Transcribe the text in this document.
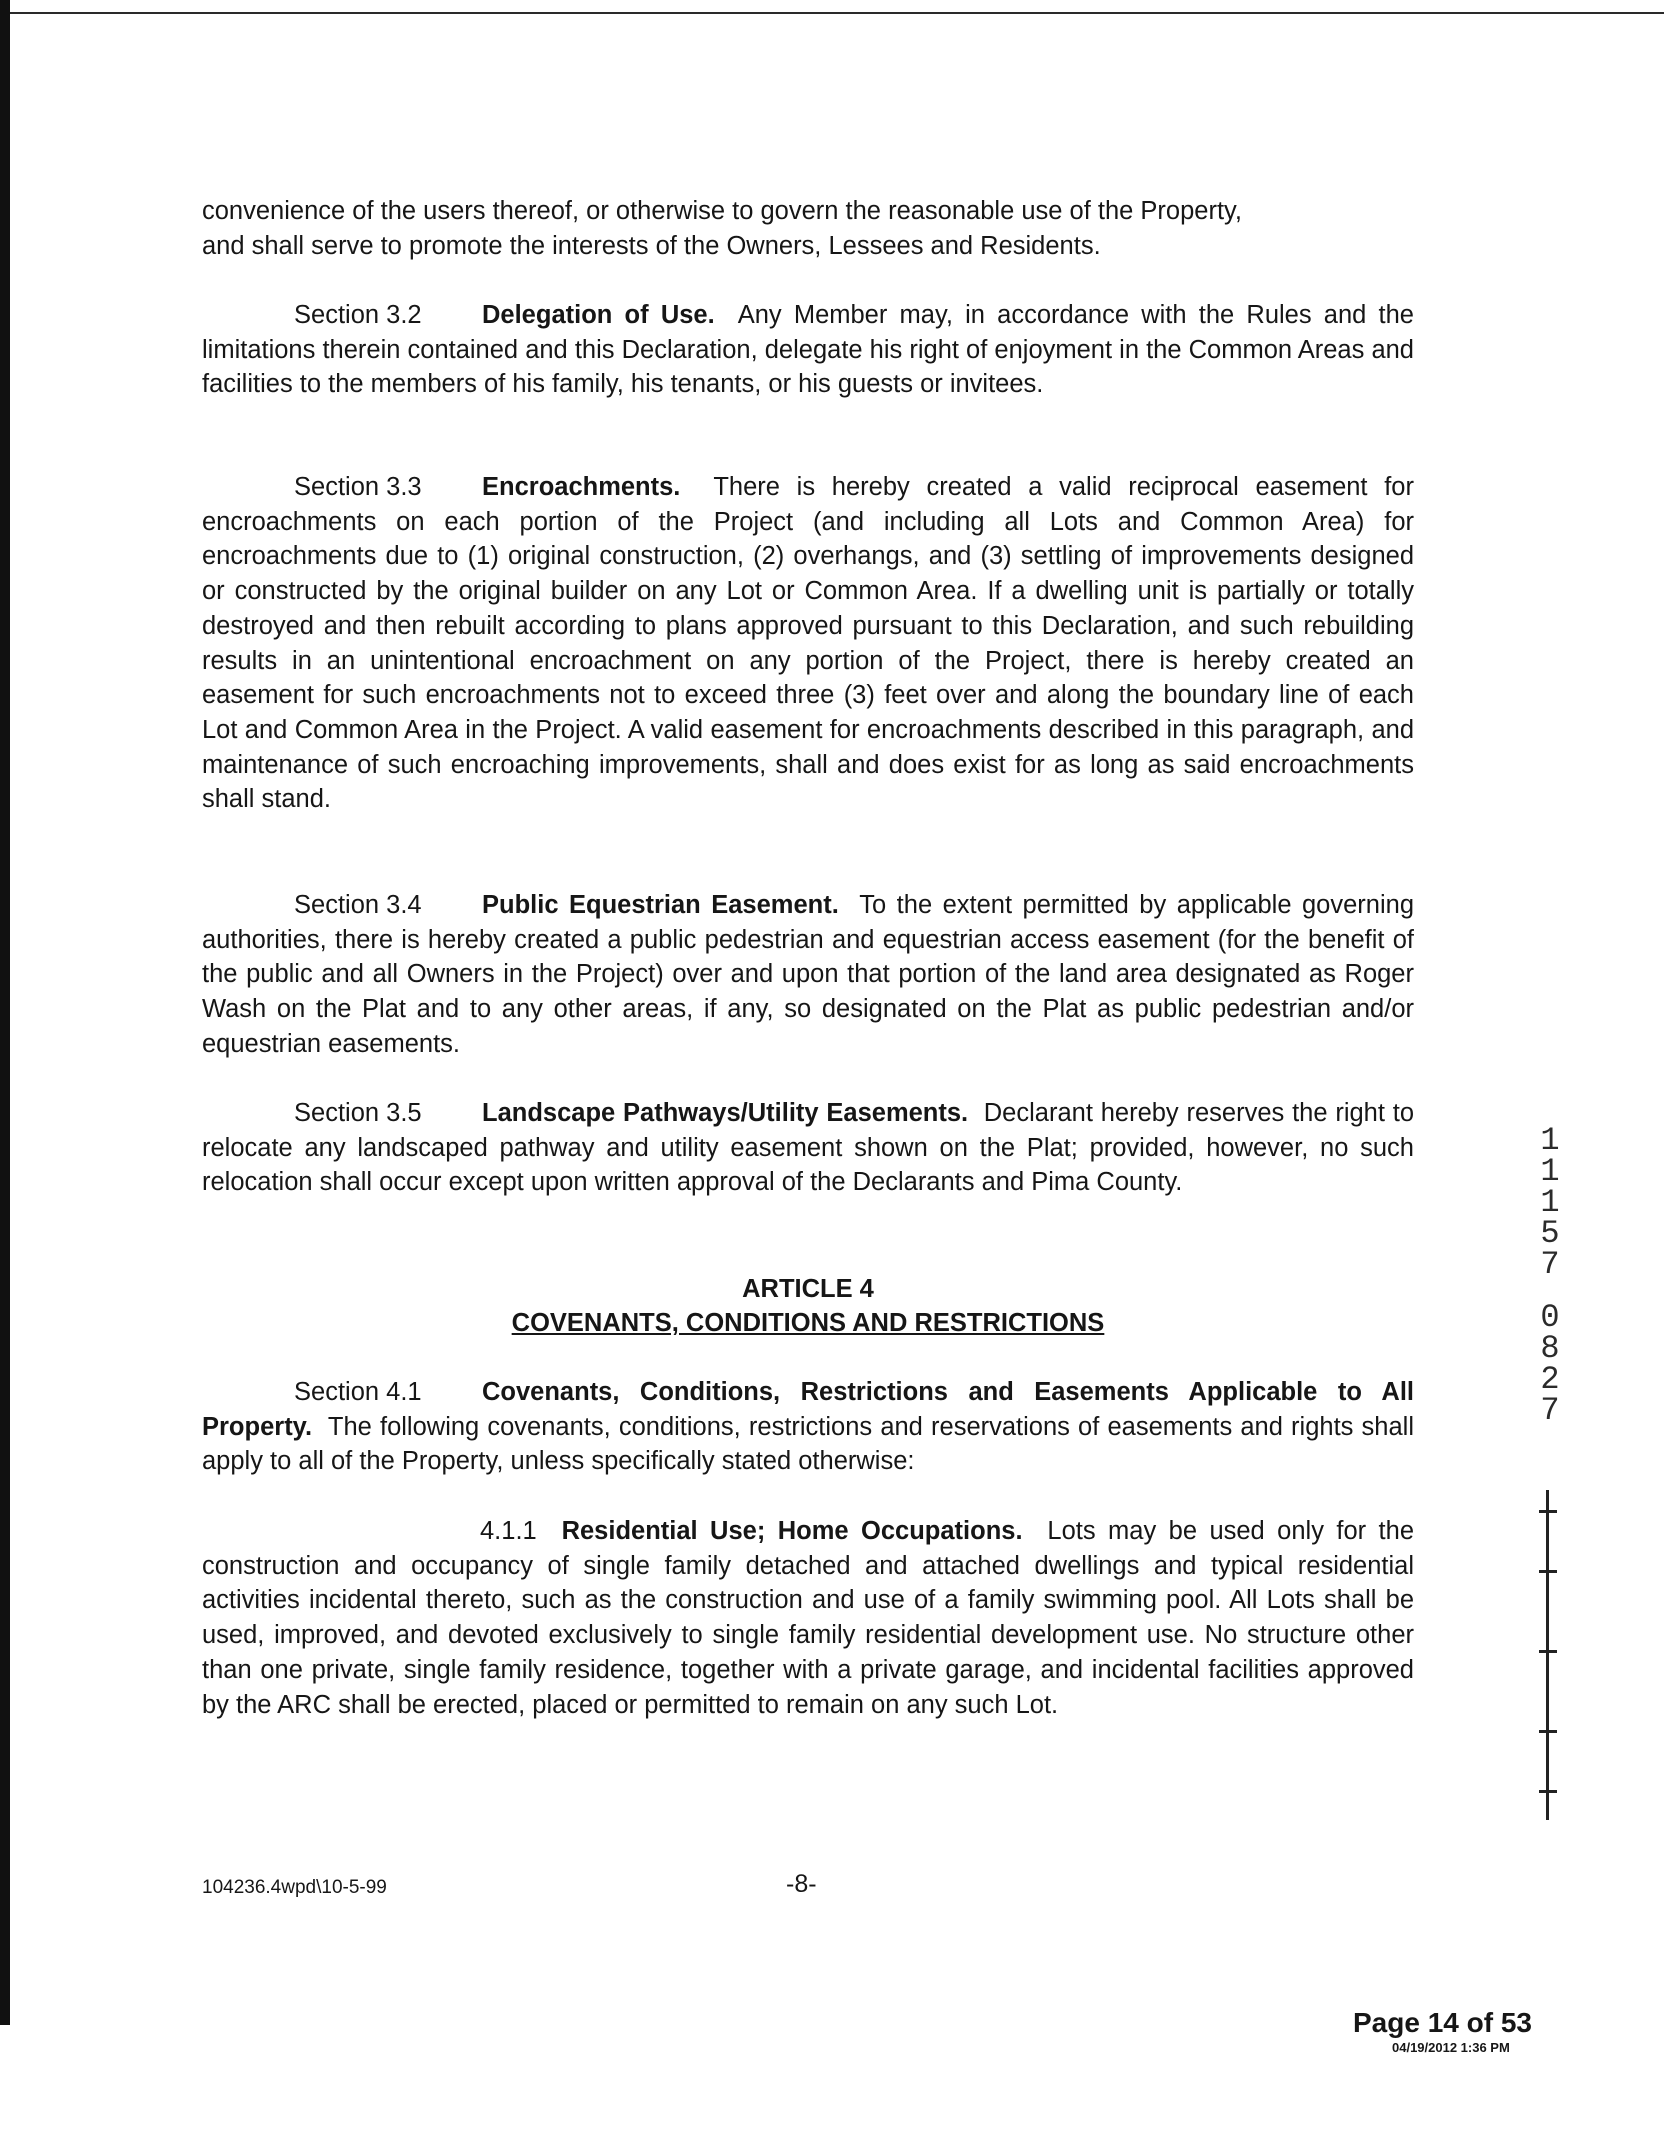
convenience of the users thereof, or otherwise to govern the reasonable use of the Property,
and shall serve to promote the interests of the Owners, Lessees and Residents.

Section 3.2 Delegation of Use. Any Member may, in accordance with the Rules and the limitations therein contained and this Declaration, delegate his right of enjoyment in the Common Areas and facilities to the members of his family, his tenants, or his guests or invitees.

Section 3.3 Encroachments. There is hereby created a valid reciprocal easement for encroachments on each portion of the Project (and including all Lots and Common Area) for encroachments due to (1) original construction, (2) overhangs, and (3) settling of improvements designed or constructed by the original builder on any Lot or Common Area. If a dwelling unit is partially or totally destroyed and then rebuilt according to plans approved pursuant to this Declaration, and such rebuilding results in an unintentional encroachment on any portion of the Project, there is hereby created an easement for such encroachments not to exceed three (3) feet over and along the boundary line of each Lot and Common Area in the Project. A valid easement for encroachments described in this paragraph, and maintenance of such encroaching improvements, shall and does exist for as long as said encroachments shall stand.

Section 3.4 Public Equestrian Easement. To the extent permitted by applicable governing authorities, there is hereby created a public pedestrian and equestrian access easement (for the benefit of the public and all Owners in the Project) over and upon that portion of the land area designated as Roger Wash on the Plat and to any other areas, if any, so designated on the Plat as public pedestrian and/or equestrian easements.

Section 3.5 Landscape Pathways/Utility Easements. Declarant hereby reserves the right to relocate any landscaped pathway and utility easement shown on the Plat; provided, however, no such relocation shall occur except upon written approval of the Declarants and Pima County.

ARTICLE 4
COVENANTS, CONDITIONS AND RESTRICTIONS

Section 4.1 Covenants, Conditions, Restrictions and Easements Applicable to All Property. The following covenants, conditions, restrictions and reservations of easements and rights shall apply to all of the Property, unless specifically stated otherwise:

4.1.1 Residential Use; Home Occupations. Lots may be used only for the construction and occupancy of single family detached and attached dwellings and typical residential activities incidental thereto, such as the construction and use of a family swimming pool. All Lots shall be used, improved, and devoted exclusively to single family residential development use. No structure other than one private, single family residence, together with a private garage, and incidental facilities approved by the ARC shall be erected, placed or permitted to remain on any such Lot.

104236.4wpd\10-5-99	-8-
1
1
1
5
7
0
8
2
7
Page 14 of 53
04/19/2012 1:36 PM
